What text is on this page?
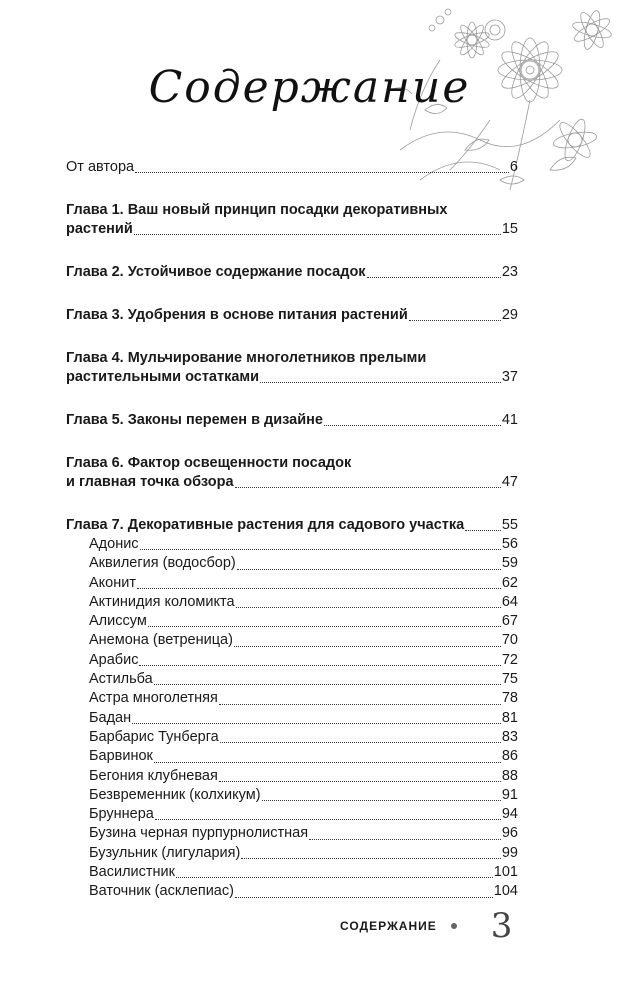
Содержание
От автора	6
Глава 1. Ваш новый принцип посадки декоративных
растений	15
Глава 2. Устойчивое содержание посадок	23
Глава 3. Удобрения в основе питания растений	29
Глава 4. Мульчирование многолетников прелыми
растительными остатками	37
Глава 5. Законы перемен в дизайне	41
Глава 6. Фактор освещенности посадок
и главная точка обзора	47
Глава 7. Декоративные растения для садового участка	55
Адонис	56
Аквилегия (водосбор)	59
Аконит	62
Актинидия коломикта	64
Алиссум	67
Анемона (ветреница)	70
Арабис	72
Астильба	75
Астра многолетняя	78
Бадан	81
Барбарис Тунберга	83
Барвинок	86
Бегония клубневая	88
Безвременник (колхикум)	91
Бруннера	94
Бузина черная пурпурнолистная	96
Бузульник (лигулария)	99
Василистник	101
Ваточник (асклепиас)	104
СОДЕРЖАНИЕ 3
